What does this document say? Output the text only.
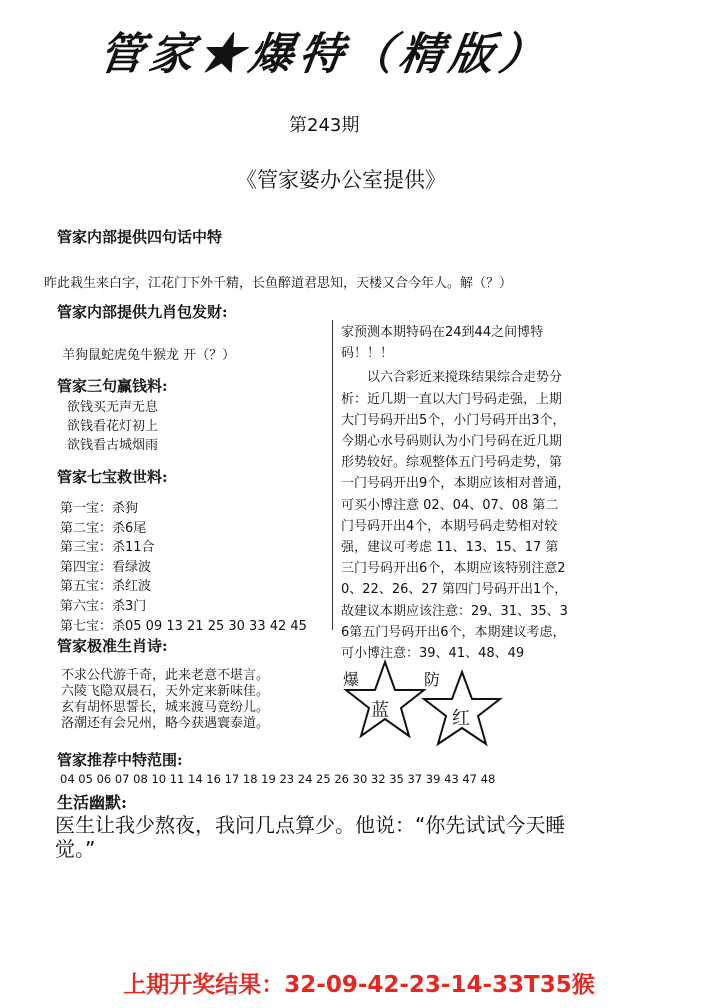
管家★爆特（精版）
第243期
《管家婆办公室提供》
管家内部提供四句话中特
昨此栽生来白字，江花门下外千精，长鱼醉道君思知，天楼又合今年人。解（？）
管家内部提供九肖包发财:
羊狗鼠蛇虎兔牛猴龙 开（？）
管家三句赢钱料:
欲钱买无声无息
欲钱看花灯初上
欲钱看古城烟雨
管家七宝救世料:
第一宝：杀狗
第二宝：杀6尾
第三宝：杀11合
第四宝：看绿波
第五宝：杀红波
第六宝：杀3门
第七宝：杀05 09 13 21 25 30 33 42 45
管家极准生肖诗:
不求公代游千奇，此来老意不堪言。
六陵飞隐双晨石，天外定来新味佳。
玄有胡怀思誓长，城来渡马竟纷儿。
洛潮还有会兄州，略今获遇寰泰道。
管家推荐中特范围:
04 05 06 07 08 10 11 14 16 17 18 19 23 24 25 26 30 32 35 37 39 43 47 48

家预测本期特码在24到44之间博特码！！！

以六合彩近来搅珠结果综合走势分析：近几期一直以大门号码走强，上期大门号码开出5个，小门号码开出3个，今期心水号码则认为小门号码在近几期形势较好。综观整体五门号码走势，第一门号码开出9个，本期应该相对普通，可买小博注意 02、04、07、08 第二门号码开出4个，本期号码走势相对较强，建议可考虑 11、13、15、17 第三门号码开出6个，本期应该特别注意20、22、26、27 第四门号码开出1个，故建议本期应该注意：29、31、35、36第五门号码开出6个，本期建议考虑，可小博注意：39、41、48、49

爆
蓝
防
红
生活幽默:
医生让我少熬夜，我问几点算少。他说：“你先试试今天睡觉。”
上期开奖结果：32-09-42-23-14-33T35猴
